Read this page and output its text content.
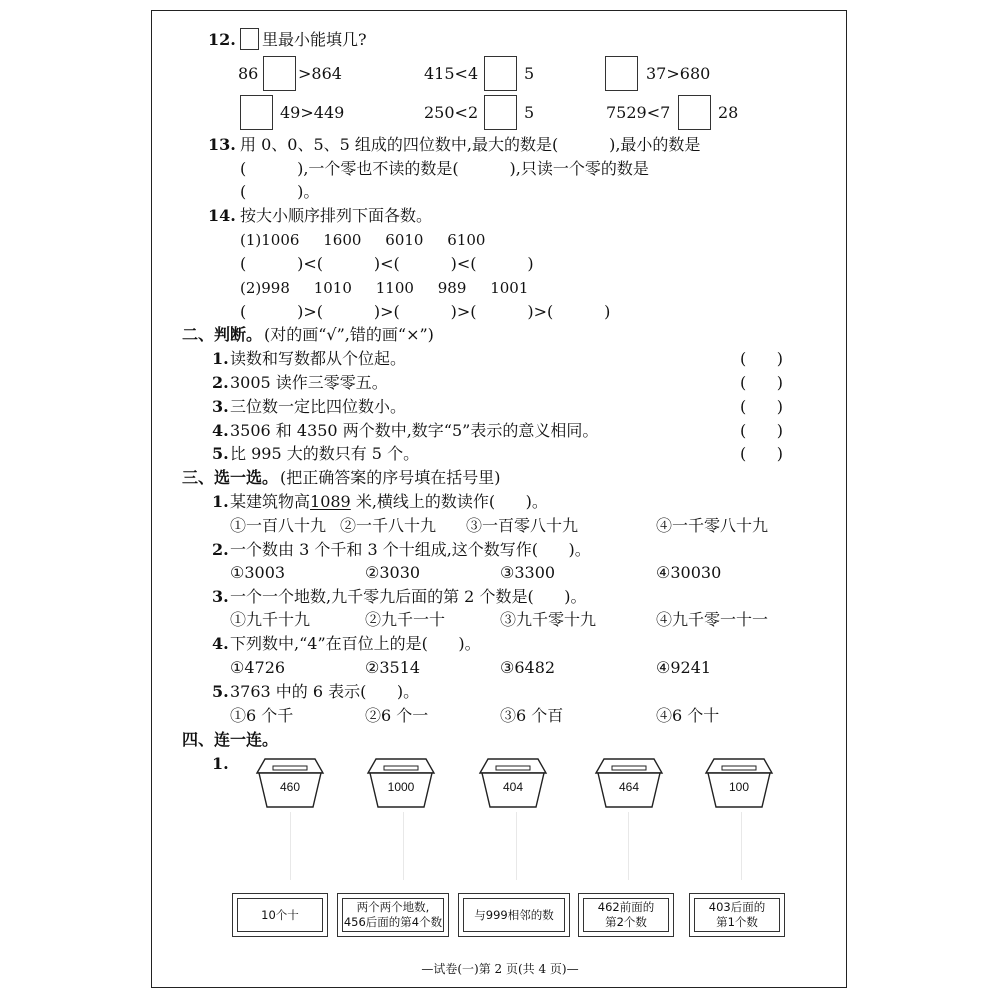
12. 里最小能填几?
86 >864	415<4	5	37>680
49>449	250<2	5	7529<7	28
13. 用 0、0、5、5 组成的四位数中,最大的数是(          ),最小的数是
(          ),一个零也不读的数是(          ),只读一个零的数是
(          )。
14. 按大小顺序排列下面各数。
(1)1006     1600     6010     6100
(          )<(          )<(          )<(          )
(2)998     1010     1100     989     1001
(          )>(          )>(          )>(          )>(          )
二、判断。 (对的画“√”,错的画“×”)
1. 读数和写数都从个位起。	(      )
2. 3005 读作三零零五。	(      )
3. 三位数一定比四位数小。	(      )
4. 3506 和 4350 两个数中,数字“5”表示的意义相同。	(      )
5. 比 995 大的数只有 5 个。	(      )
三、选一选。 (把正确答案的序号填在括号里)
1. 某建筑物高1089 米,横线上的数读作(      )。
①一百八十九 ②一千八十九 ③一百零八十九	④一千零八十九
2. 一个数由 3 个千和 3 个十组成,这个数写作(      )。
①3003	②3030	③3300	④30030
3. 一个一个地数,九千零九后面的第 2 个数是(      )。
①九千十九	②九千一十	③九千零十九	④九千零一十一
4. 下列数中,“4”在百位上的是(      )。
①4726	②3514	③6482	④9241
5. 3763 中的 6 表示(      )。
①6 个千	②6 个一	③6 个百	④6 个十
四、连一连。
1.
460	1000	404	464	100
10个十
两个两个地数,
456后面的第4个数
与999相邻的数
462前面的
第2个数
403后面的
第1个数
—试卷(一)第 2 页(共 4 页)—
